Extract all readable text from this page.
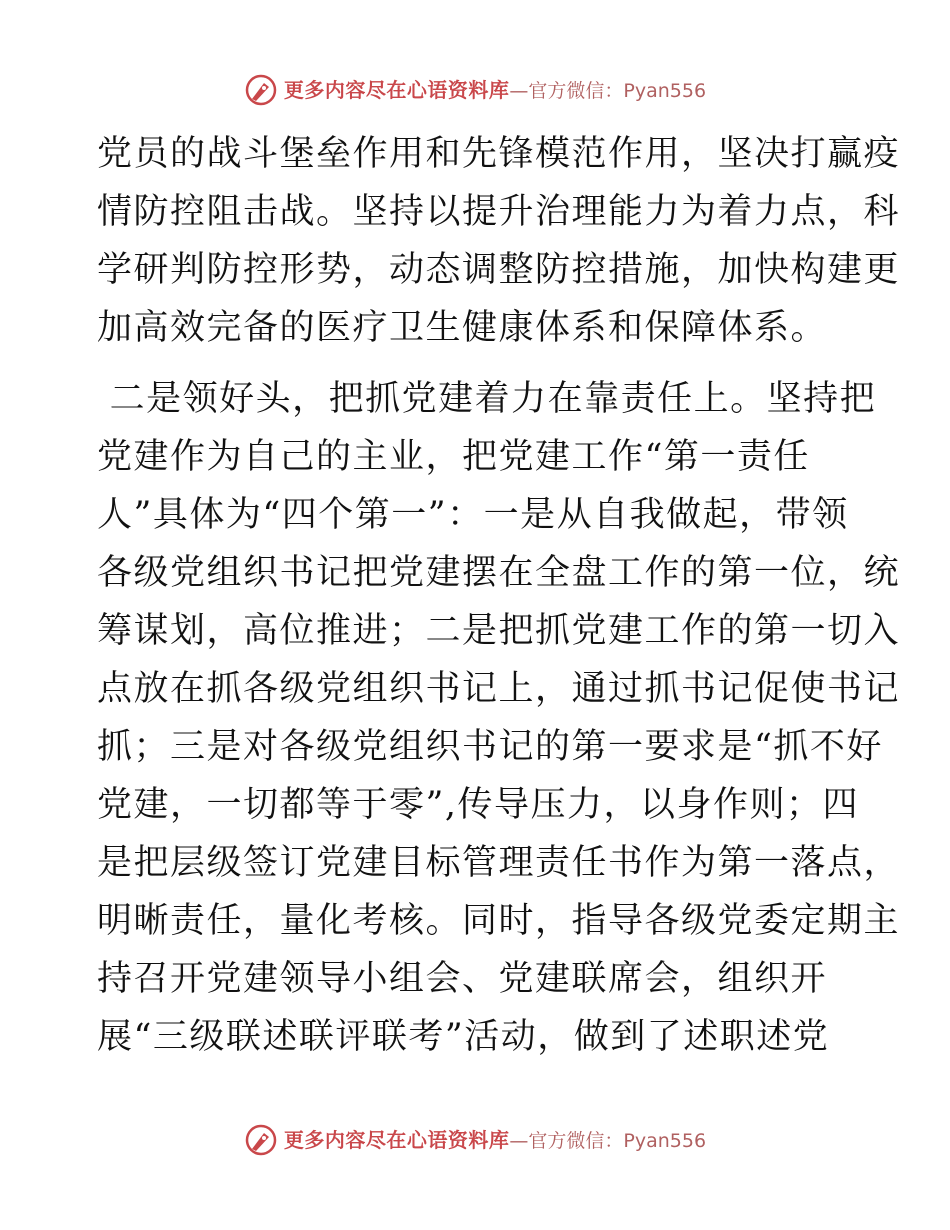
更多内容尽在心语资料库 — 官方微信：Pyan556
党员的战斗堡垒作用和先锋模范作用，坚决打赢疫
情防控阻击战。坚持以提升治理能力为着力点，科
学研判防控形势，动态调整防控措施，加快构建更
加高效完备的医疗卫生健康体系和保障体系。
二是领好头，把抓党建着力在靠责任上。坚持把
党建作为自己的主业，把党建工作“第一责任
人”具体为“四个第一”：一是从自我做起，带领
各级党组织书记把党建摆在全盘工作的第一位，统
筹谋划，高位推进；二是把抓党建工作的第一切入
点放在抓各级党组织书记上，通过抓书记促使书记
抓；三是对各级党组织书记的第一要求是“抓不好
党建，一切都等于零”,传导压力，以身作则；四
是把层级签订党建目标管理责任书作为第一落点，
明晰责任，量化考核。同时，指导各级党委定期主
持召开党建领导小组会、党建联席会，组织开
展“三级联述联评联考”活动，做到了述职述党
更多内容尽在心语资料库 — 官方微信：Pyan556
